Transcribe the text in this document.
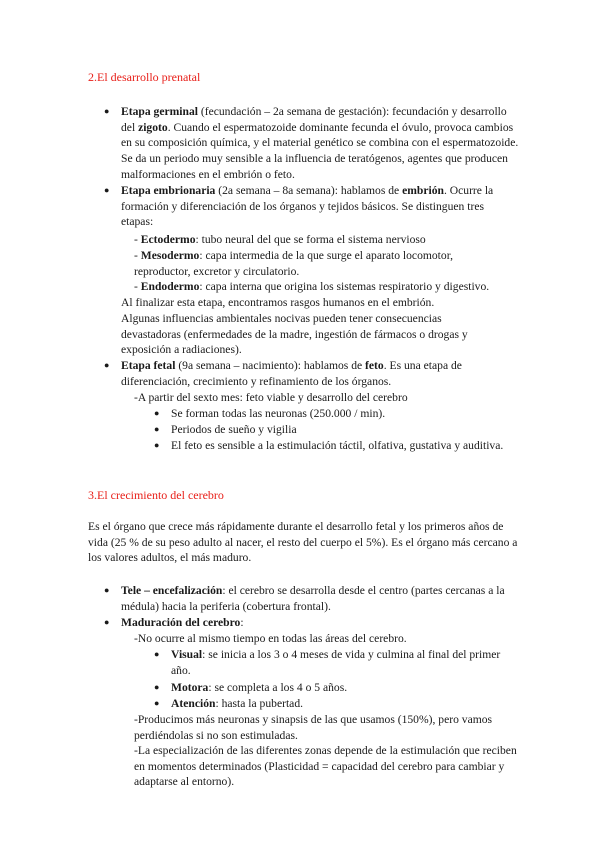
2.El desarrollo prenatal
● Etapa germinal (fecundación – 2a semana de gestación): fecundación y desarrollo del zigoto. Cuando el espermatozoide dominante fecunda el óvulo, provoca cambios en su composición química, y el material genético se combina con el espermatozoide. Se da un periodo muy sensible a la influencia de teratógenos, agentes que producen malformaciones en el embrión o feto.
● Etapa embrionaria (2a semana – 8a semana): hablamos de embrión. Ocurre la formación y diferenciación de los órganos y tejidos básicos. Se distinguen tres etapas:
- Ectodermo: tubo neural del que se forma el sistema nervioso
- Mesodermo: capa intermedia de la que surge el aparato locomotor, reproductor, excretor y circulatorio.
- Endodermo: capa interna que origina los sistemas respiratorio y digestivo.
Al finalizar esta etapa, encontramos rasgos humanos en el embrión.
Algunas influencias ambientales nocivas pueden tener consecuencias devastadoras (enfermedades de la madre, ingestión de fármacos o drogas y exposición a radiaciones).
● Etapa fetal (9a semana – nacimiento): hablamos de feto. Es una etapa de diferenciación, crecimiento y refinamiento de los órganos.
-A partir del sexto mes: feto viable y desarrollo del cerebro
● Se forman todas las neuronas (250.000 / min).
● Periodos de sueño y vigilia
● El feto es sensible a la estimulación táctil, olfativa, gustativa y auditiva.
3.El crecimiento del cerebro
Es el órgano que crece más rápidamente durante el desarrollo fetal y los primeros años de vida (25 % de su peso adulto al nacer, el resto del cuerpo el 5%). Es el órgano más cercano a los valores adultos, el más maduro.
● Tele – encefalización: el cerebro se desarrolla desde el centro (partes cercanas a la médula) hacia la periferia (cobertura frontal).
● Maduración del cerebro:
-No ocurre al mismo tiempo en todas las áreas del cerebro.
● Visual: se inicia a los 3 o 4 meses de vida y culmina al final del primer año.
● Motora: se completa a los 4 o 5 años.
● Atención: hasta la pubertad.
-Producimos más neuronas y sinapsis de las que usamos (150%), pero vamos perdiéndolas si no son estimuladas.
-La especialización de las diferentes zonas depende de la estimulación que reciben en momentos determinados (Plasticidad = capacidad del cerebro para cambiar y adaptarse al entorno).
